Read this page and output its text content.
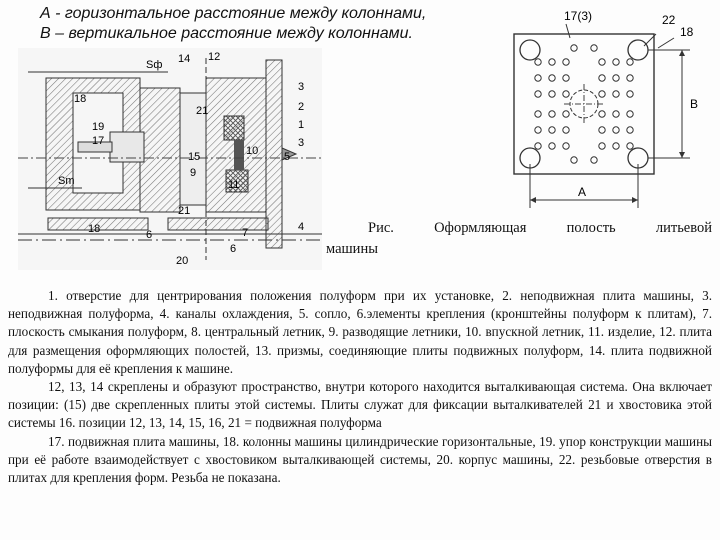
А - горизонтальное расстояние между колоннами,
В – вертикальное расстояние между колоннами.
Sф 14 12
18
3
2
1
3
21
19
17
15
9
10 5
Sm	11
21
18	6	7	4
6
20
17(3)	22
18
A
B
Рис.	Оформляющая	полость	литьевой
машины

1. отверстие для центрирования положения полуформ при их установке, 2. неподвижная плита машины, 3. неподвижная полуформа, 4. каналы охлаждения, 5. сопло, 6.элементы крепления (кронштейны полуформ к плитам), 7. плоскость смыкания полуформ, 8. центральный летник, 9. разводящие летники, 10. впускной летник, 11. изделие, 12. плита для размещения оформляющих полостей, 13. призмы, соединяющие плиты подвижных полуформ, 14. плита подвижной полуформы для её крепления к машине.

12, 13, 14 скреплены и образуют пространство, внутри которого находится выталкивающая система. Она включает позиции: (15) две скрепленных плиты этой системы. Плиты служат для фиксации выталкивателей 21 и хвостовика этой системы 16. позиции 12, 13, 14, 15, 16, 21 = подвижная полуформа

17. подвижная плита машины, 18. колонны машины цилиндрические горизонтальные, 19. упор конструкции машины при её работе взаимодействует с хвостовиком выталкивающей системы, 20. корпус машины, 22. резьбовые отверстия в плитах для крепления форм. Резьба не показана.
